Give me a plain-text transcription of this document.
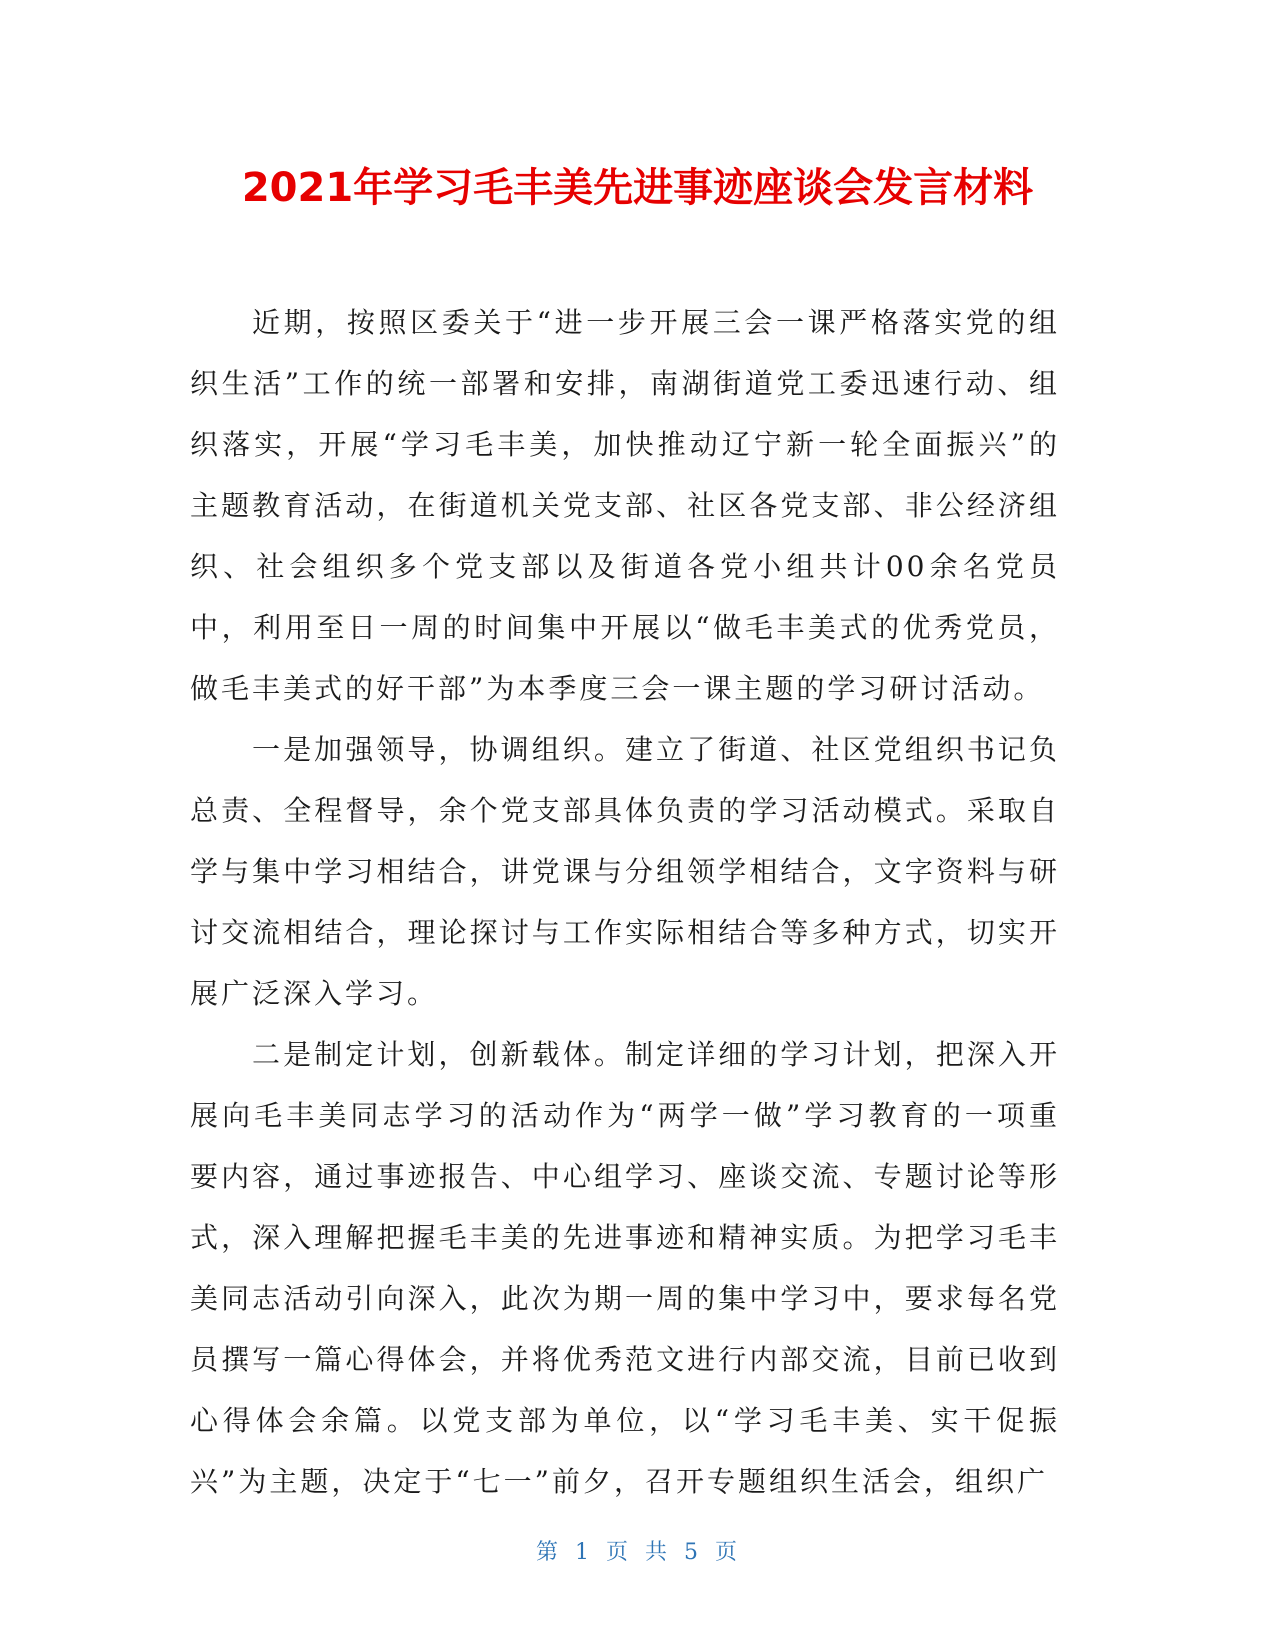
2021年学习毛丰美先进事迹座谈会发言材料

近期，按照区委关于“进一步开展三会一课严格落实党的组织生活”工作的统一部署和安排，南湖街道党工委迅速行动、组织落实，开展“学习毛丰美，加快推动辽宁新一轮全面振兴”的主题教育活动，在街道机关党支部、社区各党支部、非公经济组织、社会组织多个党支部以及街道各党小组共计00余名党员中，利用至日一周的时间集中开展以“做毛丰美式的优秀党员，做毛丰美式的好干部”为本季度三会一课主题的学习研讨活动。

一是加强领导，协调组织。建立了街道、社区党组织书记负总责、全程督导，余个党支部具体负责的学习活动模式。采取自学与集中学习相结合，讲党课与分组领学相结合，文字资料与研讨交流相结合，理论探讨与工作实际相结合等多种方式，切实开展广泛深入学习。

二是制定计划，创新载体。制定详细的学习计划，把深入开展向毛丰美同志学习的活动作为“两学一做”学习教育的一项重要内容，通过事迹报告、中心组学习、座谈交流、专题讨论等形式，深入理解把握毛丰美的先进事迹和精神实质。为把学习毛丰美同志活动引向深入，此次为期一周的集中学习中，要求每名党员撰写一篇心得体会，并将优秀范文进行内部交流，目前已收到心得体会余篇。以党支部为单位，以“学习毛丰美、实干促振兴”为主题，决定于“七一”前夕，召开专题组织生活会，组织广

第 1 页 共 5 页
